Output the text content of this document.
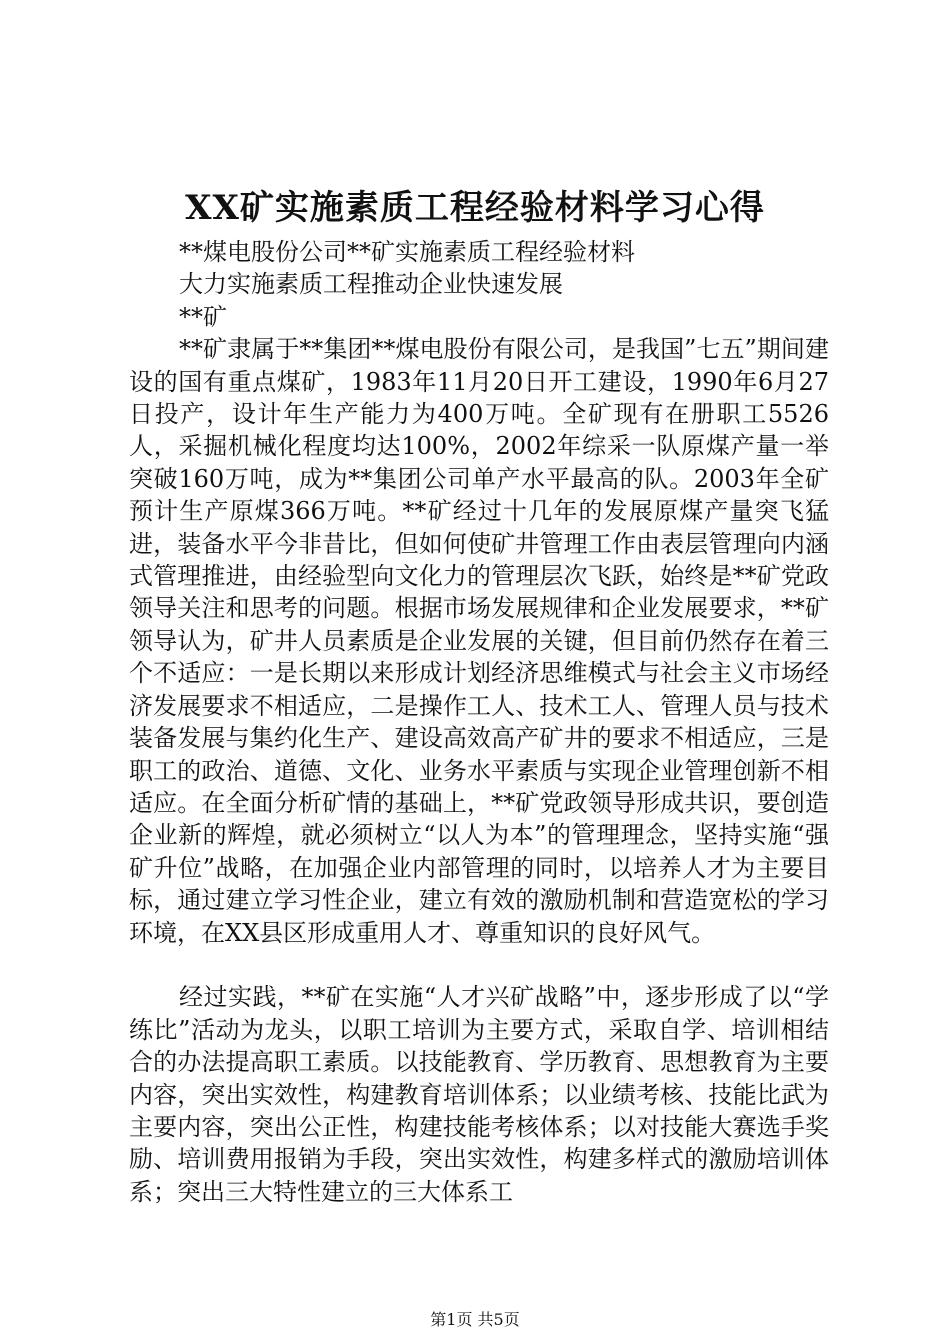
XX矿实施素质工程经验材料学习心得

**煤电股份公司**矿实施素质工程经验材料

大力实施素质工程推动企业快速发展

**矿

**矿隶属于**集团**煤电股份有限公司，是我国”七五”期间建设的国有重点煤矿，1983年11月20日开工建设，1990年6月27日投产，设计年生产能力为400万吨。全矿现有在册职工5526人，采掘机械化程度均达100%，2002年综采一队原煤产量一举突破160万吨，成为**集团公司单产水平最高的队。2003年全矿预计生产原煤366万吨。**矿经过十几年的发展原煤产量突飞猛进，装备水平今非昔比，但如何使矿井管理工作由表层管理向内涵式管理推进，由经验型向文化力的管理层次飞跃，始终是**矿党政领导关注和思考的问题。根据市场发展规律和企业发展要求，**矿领导认为，矿井人员素质是企业发展的关键，但目前仍然存在着三个不适应：一是长期以来形成计划经济思维模式与社会主义市场经济发展要求不相适应，二是操作工人、技术工人、管理人员与技术装备发展与集约化生产、建设高效高产矿井的要求不相适应，三是职工的政治、道德、文化、业务水平素质与实现企业管理创新不相适应。在全面分析矿情的基础上，**矿党政领导形成共识，要创造企业新的辉煌，就必须树立“以人为本”的管理理念，坚持实施“强矿升位”战略，在加强企业内部管理的同时，以培养人才为主要目标，通过建立学习性企业，建立有效的激励机制和营造宽松的学习环境，在XX县区形成重用人才、尊重知识的良好风气。

经过实践，**矿在实施“人才兴矿战略”中，逐步形成了以“学练比”活动为龙头，以职工培训为主要方式，采取自学、培训相结合的办法提高职工素质。以技能教育、学历教育、思想教育为主要内容，突出实效性，构建教育培训体系；以业绩考核、技能比武为主要内容，突出公正性，构建技能考核体系；以对技能大赛选手奖励、培训费用报销为手段，突出实效性，构建多样式的激励培训体系；突出三大特性建立的三大体系工

第1页 共5页
